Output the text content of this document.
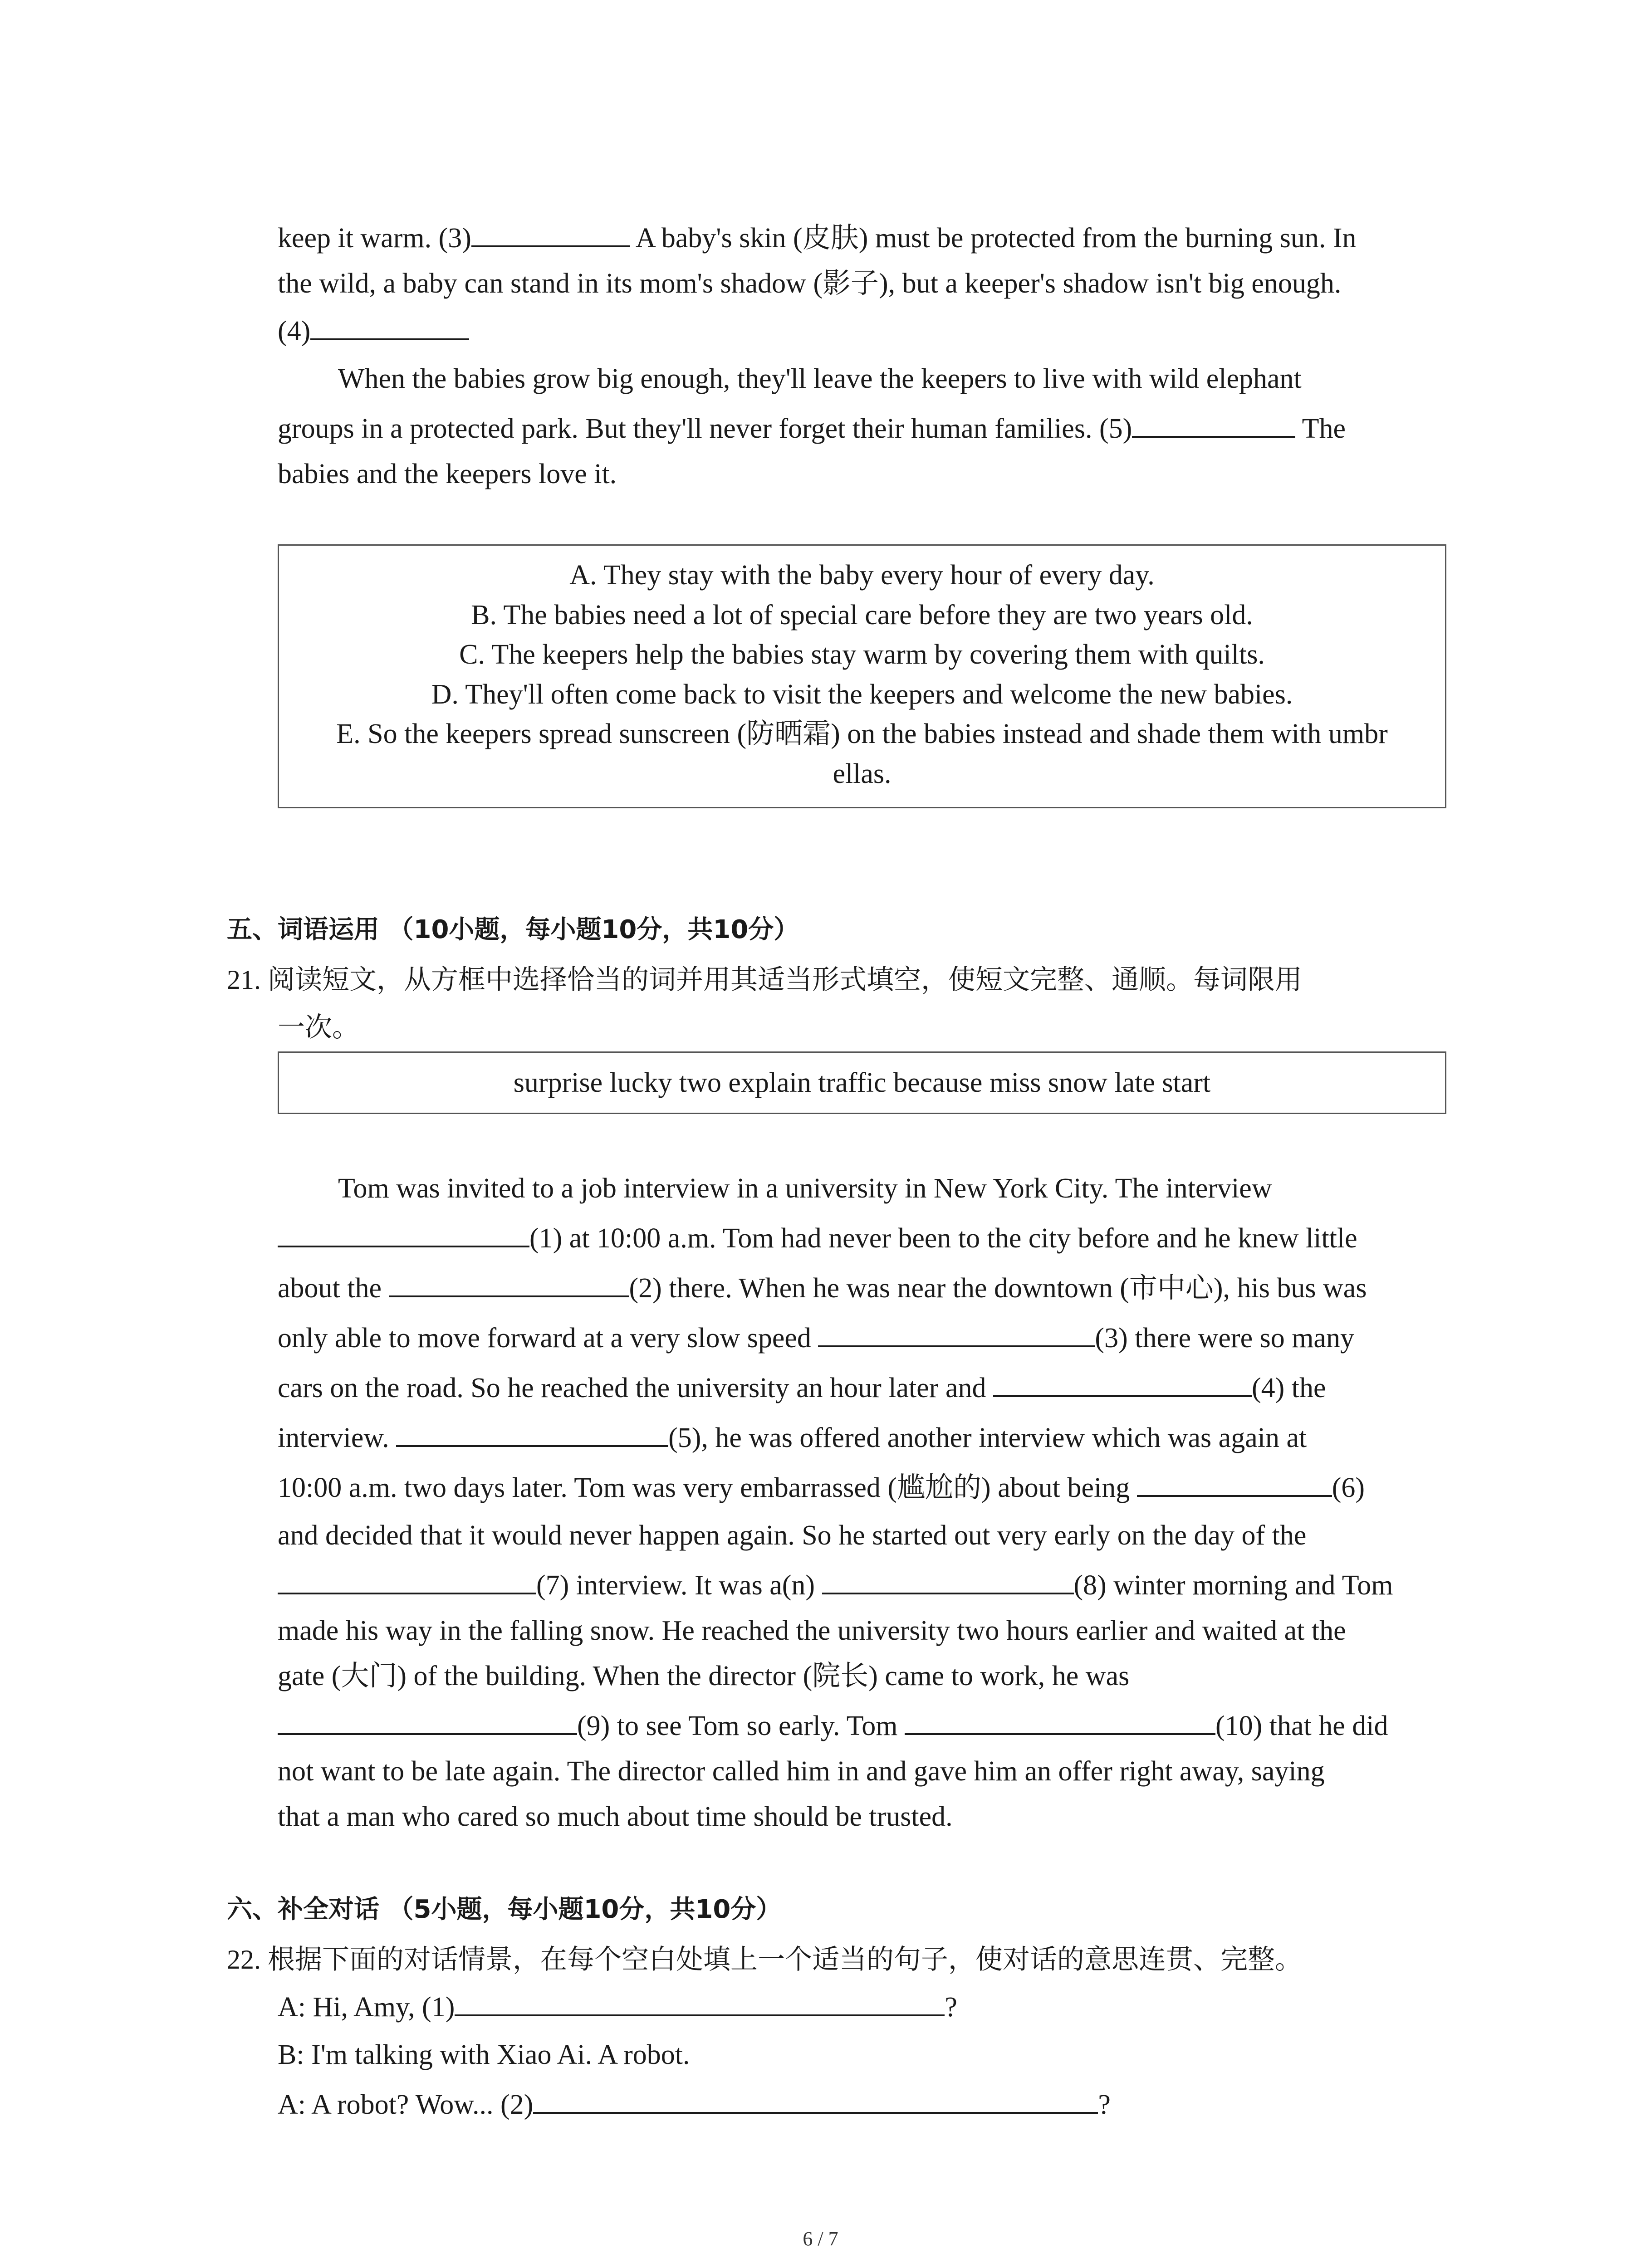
keep it warm. (3)	A baby's skin (皮肤) must be protected from the burning sun. In
the wild, a baby can stand in its mom's shadow (影子), but a keeper's shadow isn't big enough.
(4)
When the babies grow big enough, they'll leave the keepers to live with wild elephant
groups in a protected park. But they'll never forget their human families. (5)	The
babies and the keepers love it.
A. They stay with the baby every hour of every day.
B. The babies need a lot of special care before they are two years old.
C. The keepers help the babies stay warm by covering them with quilts.
D. They'll often come back to visit the keepers and welcome the new babies.
E. So the keepers spread sunscreen (防晒霜) on the babies instead and shade them with umbr
ellas.
五、词语运用 （10小题，每小题10分，共10分）
21. 阅读短文，从方框中选择恰当的词并用其适当形式填空，使短文完整、通顺。每词限用
一次。
surprise lucky two explain traffic because miss snow late start
Tom was invited to a job interview in a university in New York City. The interview
(1) at 10:00 a.m. Tom had never been to the city before and he knew little
about the	(2) there. When he was near the downtown (市中心), his bus was
only able to move forward at a very slow speed	(3) there were so many
cars on the road. So he reached the university an hour later and	(4) the
interview.	(5), he was offered another interview which was again at
10:00 a.m. two days later. Tom was very embarrassed (尴尬的) about being	(6)
and decided that it would never happen again. So he started out very early on the day of the
(7) interview. It was a(n)	(8) winter morning and Tom
made his way in the falling snow. He reached the university two hours earlier and waited at the
gate (大门) of the building. When the director (院长) came to work, he was
(9) to see Tom so early. Tom	(10) that he did
not want to be late again. The director called him in and gave him an offer right away, saying
that a man who cared so much about time should be trusted.
六、补全对话 （5小题，每小题10分，共10分）
22. 根据下面的对话情景，在每个空白处填上一个适当的句子，使对话的意思连贯、完整。
A: Hi, Amy, (1)	?
B: I'm talking with Xiao Ai. A robot.
A: A robot? Wow... (2)	?
6 / 7
